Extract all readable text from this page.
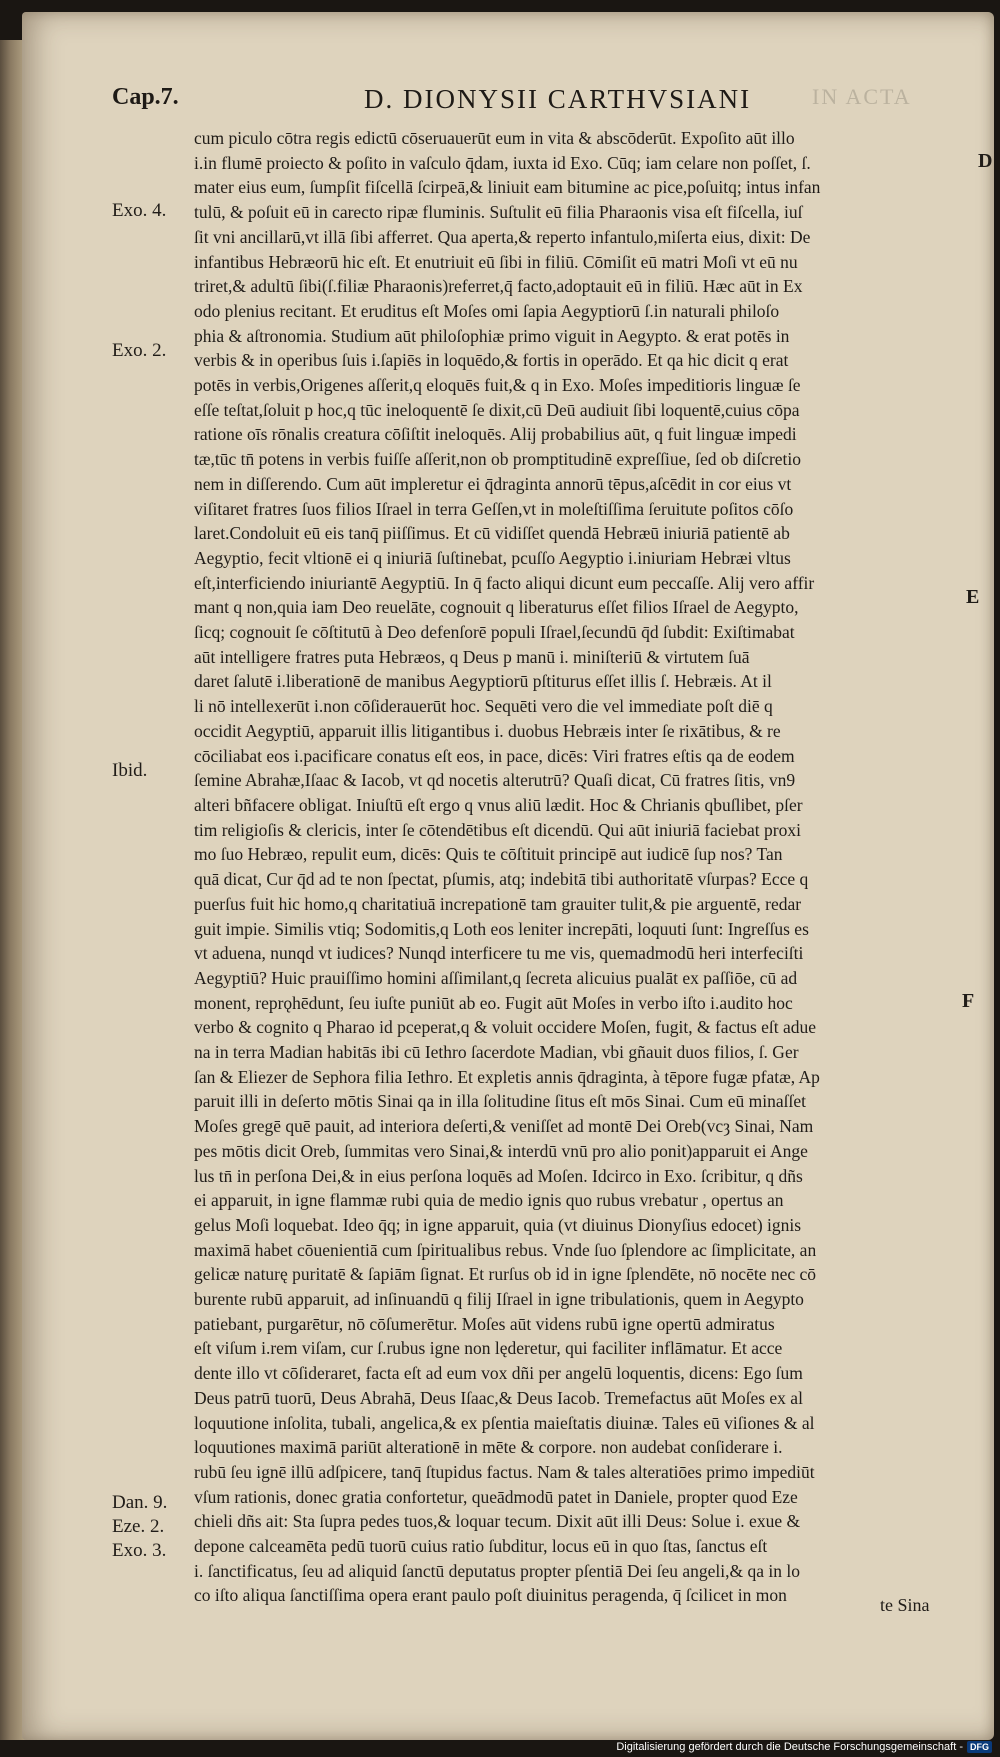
Cap.7.	D. DIONYSII CARTHVSIANI	IN ACTA
Exo. 4.
Exo. 2.
Ibid.
Dan. 9.
Eze. 2.
Exo. 3.
D
E
F
cum piculo cōtra regis edictū cōseruauerūt eum in vita & abscōderūt. Expoſito aūt illo
i.in flumē proiecto & poſito in vaſculo q̄dam, iuxta id Exo. Cūq; iam celare non poſſet, ſ.
mater eius eum, ſumpſit fiſcellā ſcirpeā,& liniuit eam bitumine ac pice,poſuitq; intus infan
tulū, & poſuit eū in carecto ripæ fluminis. Suſtulit eū filia Pharaonis visa eſt fiſcella, iuſ
ſit vni ancillarū,vt illā ſibi afferret. Qua aperta,& reperto infantulo,miſerta eius, dixit: De
infantibus Hebræorū hic eſt. Et enutriuit eū ſibi in filiū. Cōmiſit eū matri Moſi vt eū nu
triret,& adultū ſibi(ſ.filiæ Pharaonis)referret,q̄ facto,adoptauit eū in filiū. Hæc aūt in Ex
odo plenius recitant. Et eruditus eſt Moſes omi ſapia Aegyptiorū ſ.in naturali philoſo
phia & aſtronomia. Studium aūt philoſophiæ primo viguit in Aegypto. & erat potēs in
verbis & in operibus ſuis i.ſapiēs in loquēdo,& fortis in operādo. Et qa hic dicit q erat
potēs in verbis,Origenes aſſerit,q eloquēs fuit,& q in Exo. Moſes impeditioris linguæ ſe
eſſe teſtat,ſoluit p hoc,q tūc ineloquentē ſe dixit,cū Deū audiuit ſibi loquentē,cuius cōpa
ratione oīs rōnalis creatura cōſiſtit ineloquēs. Alij probabilius aūt, q fuit linguæ impedi
tæ,tūc tn̄ potens in verbis fuiſſe aſſerit,non ob promptitudinē expreſſiue, ſed ob diſcretio
nem in diſſerendo. Cum aūt impleretur ei q̄draginta annorū tēpus,aſcēdit in cor eius vt
viſitaret fratres ſuos filios Iſrael in terra Geſſen,vt in moleſtiſſima ſeruitute poſitos cōſo
laret.Condoluit eū eis tanq̄ piiſſimus. Et cū vidiſſet quendā Hebræū iniuriā patientē ab
Aegyptio, fecit vltionē ei q iniuriā ſuſtinebat, pcuſſo Aegyptio i.iniuriam Hebræi vltus
eſt,interficiendo iniuriantē Aegyptiū. In q̄ facto aliqui dicunt eum peccaſſe. Alij vero affir
mant q non,quia iam Deo reuelāte, cognouit q liberaturus eſſet filios Iſrael de Aegypto,
ſicq; cognouit ſe cōſtitutū à Deo defenſorē populi Iſrael,ſecundū q̄d ſubdit: Exiſtimabat
aūt intelligere fratres puta Hebræos, q Deus p manū i. miniſteriū & virtutem ſuā
daret ſalutē i.liberationē de manibus Aegyptiorū pſtiturus eſſet illis ſ. Hebræis. At il
li nō intellexerūt i.non cōſiderauerūt hoc. Sequēti vero die vel immediate poſt diē q
occidit Aegyptiū, apparuit illis litigantibus i. duobus Hebræis inter ſe rixātibus, & re
cōciliabat eos i.pacificare conatus eſt eos, in pace, dicēs: Viri fratres eſtis qa de eodem
ſemine Abrahæ,Iſaac & Iacob, vt qd nocetis alterutrū? Quaſi dicat, Cū fratres ſitis, vn9
alteri bñfacere obligat. Iniuſtū eſt ergo q vnus aliū lædit. Hoc & Chrianis qbuſlibet, pſer
tim religioſis & clericis, inter ſe cōtendētibus eſt dicendū. Qui aūt iniuriā faciebat proxi
mo ſuo Hebræo, repulit eum, dicēs: Quis te cōſtituit principē aut iudicē ſup nos? Tan
quā dicat, Cur q̄d ad te non ſpectat, pſumis, atq; indebitā tibi authoritatē vſurpas? Ecce q
puerſus fuit hic homo,q charitatiuā increpationē tam grauiter tulit,& pie arguentē, redar
guit impie. Similis vtiq; Sodomitis,q Loth eos leniter increpāti, loquuti ſunt: Ingreſſus es
vt aduena, nunqd vt iudices? Nunqd interficere tu me vis, quemadmodū heri interfeciſti
Aegyptiū? Huic prauiſſimo homini aſſimilant,q ſecreta alicuius pualāt ex paſſiōe, cū ad
monent, reprǫhēdunt, ſeu iuſte puniūt ab eo. Fugit aūt Moſes in verbo iſto i.audito hoc
verbo & cognito q Pharao id pceperat,q & voluit occidere Moſen, fugit, & factus eſt adue
na in terra Madian habitās ibi cū Iethro ſacerdote Madian, vbi gñauit duos filios, ſ. Ger
ſan & Eliezer de Sephora filia Iethro. Et expletis annis q̄draginta, à tēpore fugæ pfatæ, Ap
paruit illi in deſerto mōtis Sinai qa in illa ſolitudine ſitus eſt mōs Sinai. Cum eū minaſſet
Moſes gregē quē pauit, ad interiora deſerti,& veniſſet ad montē Dei Oreb(vcȝ Sinai, Nam
pes mōtis dicit Oreb, ſummitas vero Sinai,& interdū vnū pro alio ponit)apparuit ei Ange
lus tn̄ in perſona Dei,& in eius perſona loquēs ad Moſen. Idcirco in Exo. ſcribitur, q dñs
ei apparuit, in igne flammæ rubi quia de medio ignis quo rubus vrebatur , opertus an
gelus Moſi loquebat. Ideo q̄q; in igne apparuit, quia (vt diuinus Dionyſius edocet) ignis
maximā habet cōuenientiā cum ſpiritualibus rebus. Vnde ſuo ſplendore ac ſimplicitate, an
gelicæ naturę puritatē & ſapiām ſignat. Et rurſus ob id in igne ſplendēte, nō nocēte nec cō
burente rubū apparuit, ad inſinuandū q filij Iſrael in igne tribulationis, quem in Aegypto
patiebant, purgarētur, nō cōſumerētur. Moſes aūt videns rubū igne opertū admiratus
eſt viſum i.rem viſam, cur ſ.rubus igne non lęderetur, qui faciliter inflāmatur. Et acce
dente illo vt cōſideraret, facta eſt ad eum vox dñi per angelū loquentis, dicens: Ego ſum
Deus patrū tuorū, Deus Abrahā, Deus Iſaac,& Deus Iacob. Tremefactus aūt Moſes ex al
loquutione inſolita, tubali, angelica,& ex pſentia maieſtatis diuinæ. Tales eū viſiones & al
loquutiones maximā pariūt alterationē in mēte & corpore. non audebat conſiderare i.
rubū ſeu ignē illū adſpicere, tanq̄ ſtupidus factus. Nam & tales alteratiōes primo impediūt
vſum rationis, donec gratia confortetur, queādmodū patet in Daniele, propter quod Eze
chieli dñs ait: Sta ſupra pedes tuos,& loquar tecum. Dixit aūt illi Deus: Solue i. exue &
depone calceamēta pedū tuorū cuius ratio ſubditur, locus eū in quo ſtas, ſanctus eſt
i. ſanctificatus, ſeu ad aliquid ſanctū deputatus propter pſentiā Dei ſeu angeli,& qa in lo
co iſto aliqua ſanctiſſima opera erant paulo poſt diuinitus peragenda, q̄ ſcilicet in mon	te Sina
Digitalisierung gefördert durch die Deutsche Forschungsgemeinschaft - DFG
